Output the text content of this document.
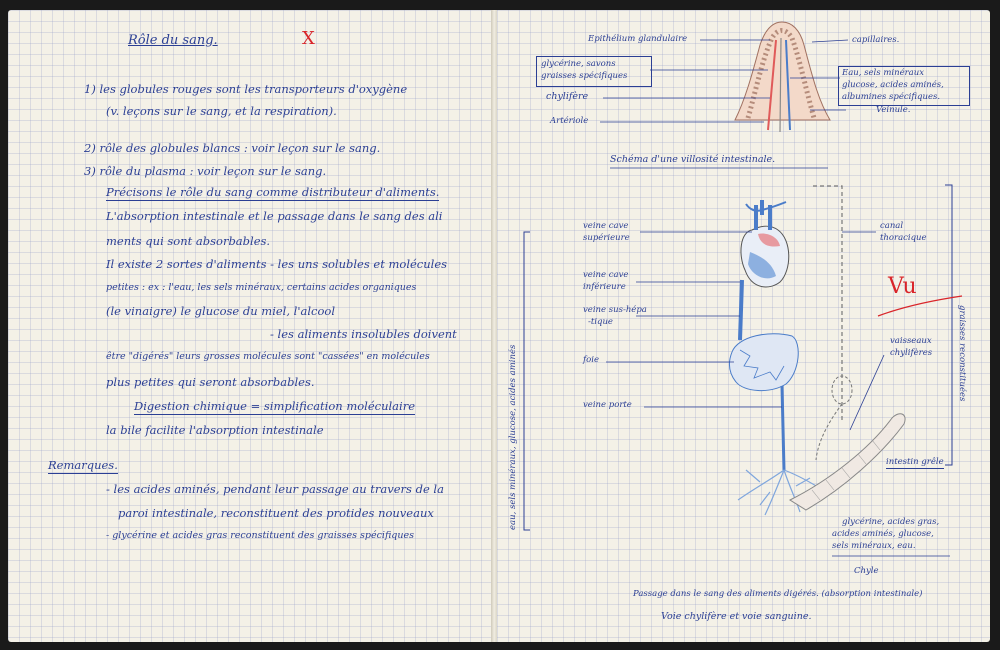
Rôle du sang.	X
1) les globules rouges sont les transporteurs d'oxygène
(v. leçons sur le sang, et la respiration).
2) rôle des globules blancs : voir leçon sur le sang.
3) rôle du plasma : voir leçon sur le sang.
Précisons le rôle du sang comme distributeur d'aliments.
L'absorption intestinale et le passage dans le sang des ali
ments qui sont absorbables.
Il existe 2 sortes d'aliments - les uns solubles et molécules
petites : ex : l'eau, les sels minéraux, certains acides organiques
(le vinaigre) le glucose du miel, l'alcool
- les aliments insolubles doivent
être "digérés" leurs grosses molécules sont "cassées" en molécules
plus petites qui seront absorbables.
Digestion chimique = simplification moléculaire
la bile facilite l'absorption intestinale
Remarques.
- les acides aminés, pendant leur passage au travers de la
paroi intestinale, reconstituent des protides nouveaux
- glycérine et acides gras reconstituent des graisses spécifiques
Epithélium glandulaire	capillaires.
glycérine, savons
graisses spécifiques
chylifère
Artériole
Eau, sels minéraux
glucose, acides aminés,
albumines spécifiques.
Veinule.
Schéma d'une villosité intestinale.
veine cave
supérieure
veine cave
inférieure
veine sus-hépa
-tique
foie
veine porte
canal
thoracique
vaisseaux
chylifères
intestin grêle
eau, sels minéraux, glucose, acides aminés	graisses reconstituées
Vu
glycérine, acides gras,
acides aminés, glucose,
sels minéraux, eau.
Chyle
Passage dans le sang des aliments digérés. (absorption intestinale)
Voie chylifère et voie sanguine.
